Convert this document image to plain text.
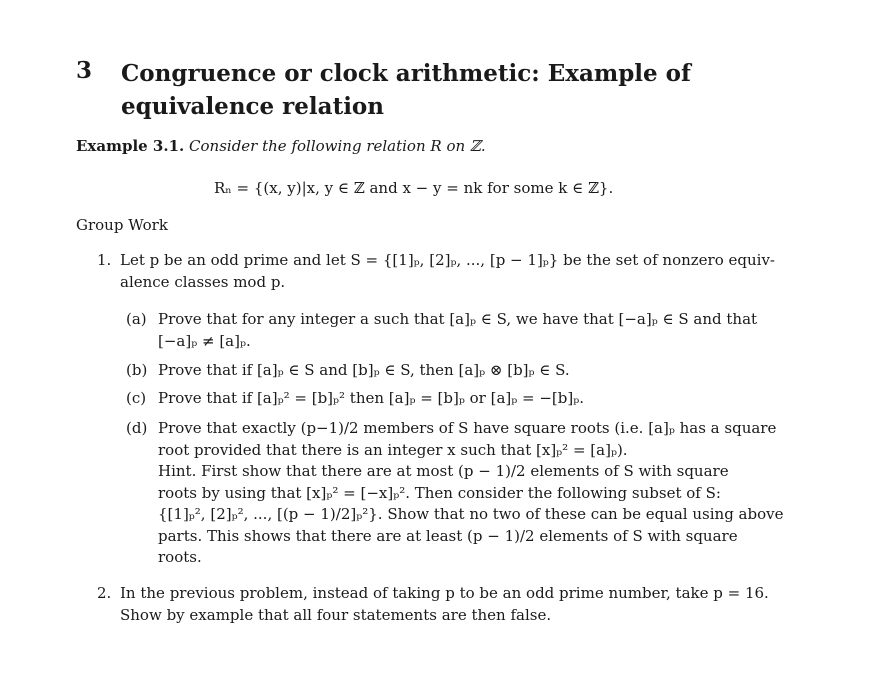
3 Congruence or clock arithmetic: Example of equivalence relation
Example 3.1. Consider the following relation R on ℤ.
Rₙ = {(x, y)|x, y ∈ ℤ and x − y = nk for some k ∈ ℤ}.
Group Work
1. Let p be an odd prime and let S = {[1]ₚ, [2]ₚ, ..., [p − 1]ₚ} be the set of nonzero equiv-
alence classes mod p.
(a) Prove that for any integer a such that [a]ₚ ∈ S, we have that [−a]ₚ ∈ S and that
[−a]ₚ ≠ [a]ₚ.
(b) Prove that if [a]ₚ ∈ S and [b]ₚ ∈ S, then [a]ₚ ⊗ [b]ₚ ∈ S.
(c) Prove that if [a]ₚ² = [b]ₚ² then [a]ₚ = [b]ₚ or [a]ₚ = −[b]ₚ.
(d) Prove that exactly (p−1)/2 members of S have square roots (i.e. [a]ₚ has a square
root provided that there is an integer x such that [x]ₚ² = [a]ₚ).
Hint. First show that there are at most (p − 1)/2 elements of S with square
roots by using that [x]ₚ² = [−x]ₚ². Then consider the following subset of S:
{[1]ₚ², [2]ₚ², ..., [(p − 1)/2]ₚ²}. Show that no two of these can be equal using above
parts. This shows that there are at least (p − 1)/2 elements of S with square
roots.
2. In the previous problem, instead of taking p to be an odd prime number, take p = 16.
Show by example that all four statements are then false.
